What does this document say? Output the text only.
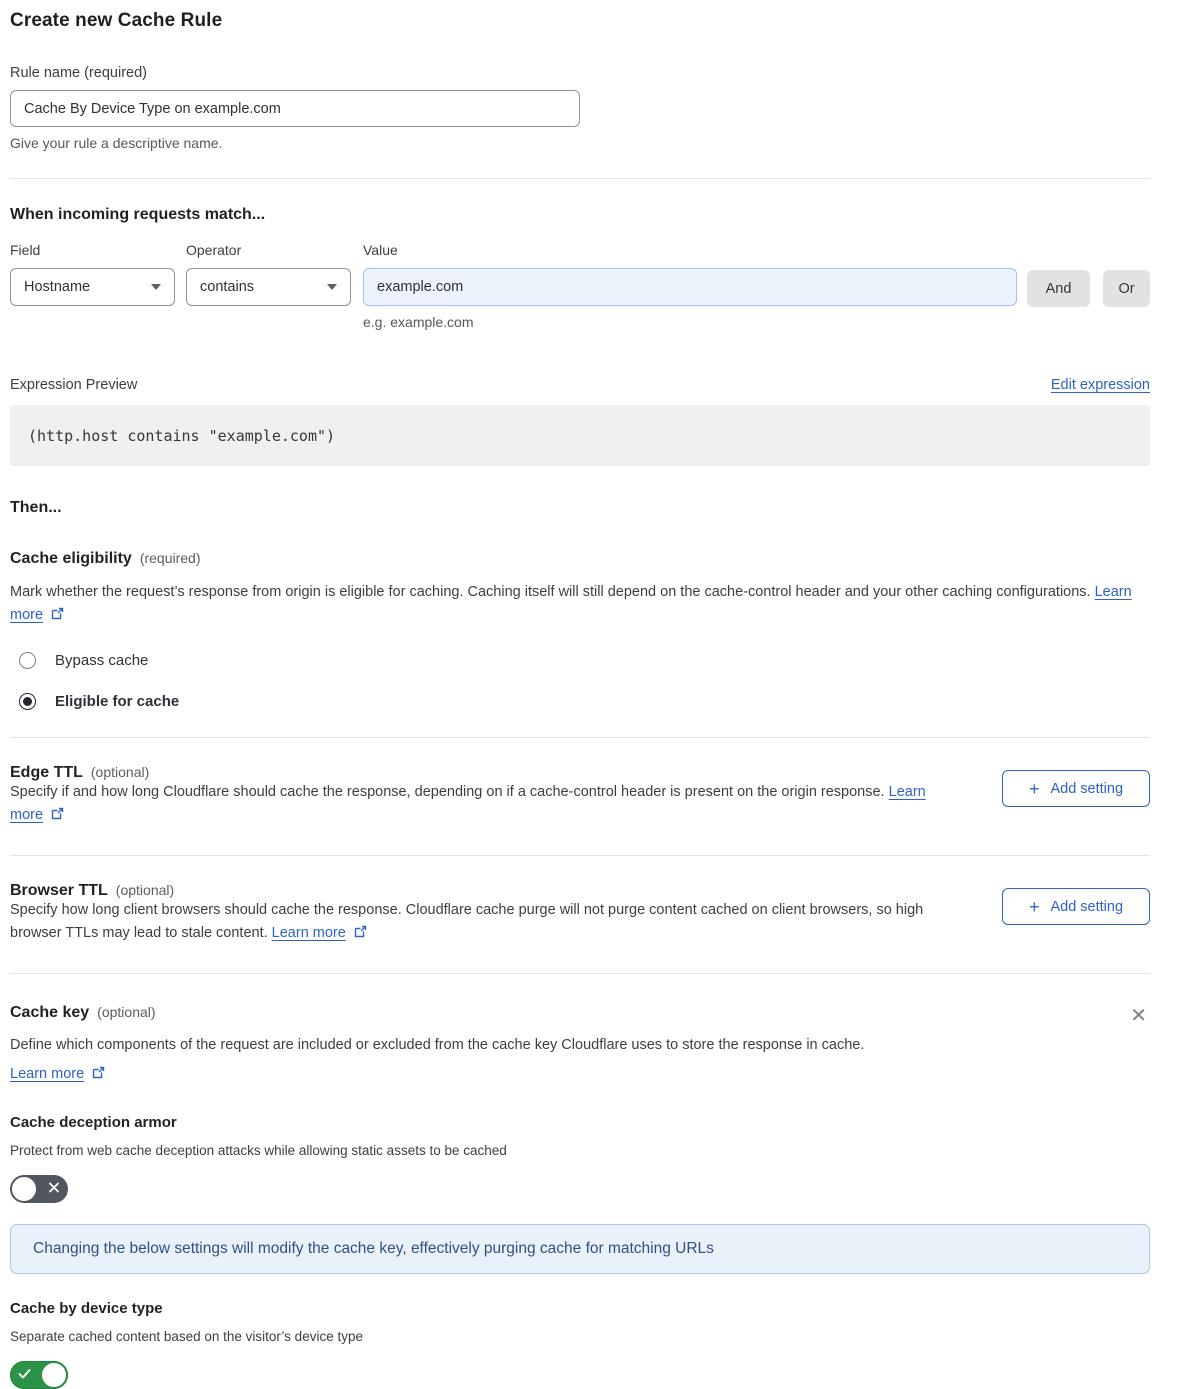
Create new Cache Rule
Rule name (required)
Cache By Device Type on example.com
Give your rule a descriptive name.
When incoming requests match...
Field
Hostname
Operator
contains
Value
example.com
e.g. example.com
And	Or
Expression Preview	Edit expression
(http.host contains "example.com")
Then...
Cache eligibility (required)
Mark whether the request’s response from origin is eligible for caching. Caching itself will still depend on the cache-control header and your other caching configurations. Learn more
Bypass cache
Eligible for cache
Edge TTL (optional)
+ Add setting
Specify if and how long Cloudflare should cache the response, depending on if a cache-control header is present on the origin response. Learn more
Browser TTL (optional)
+ Add setting
Specify how long client browsers should cache the response. Cloudflare cache purge will not purge content cached on client browsers, so high browser TTLs may lead to stale content. Learn more
Cache key (optional)	✕
Define which components of the request are included or excluded from the cache key Cloudflare uses to store the response in cache.
Learn more
Cache deception armor
Protect from web cache deception attacks while allowing static assets to be cached
Changing the below settings will modify the cache key, effectively purging cache for matching URLs
Cache by device type
Separate cached content based on the visitor’s device type
